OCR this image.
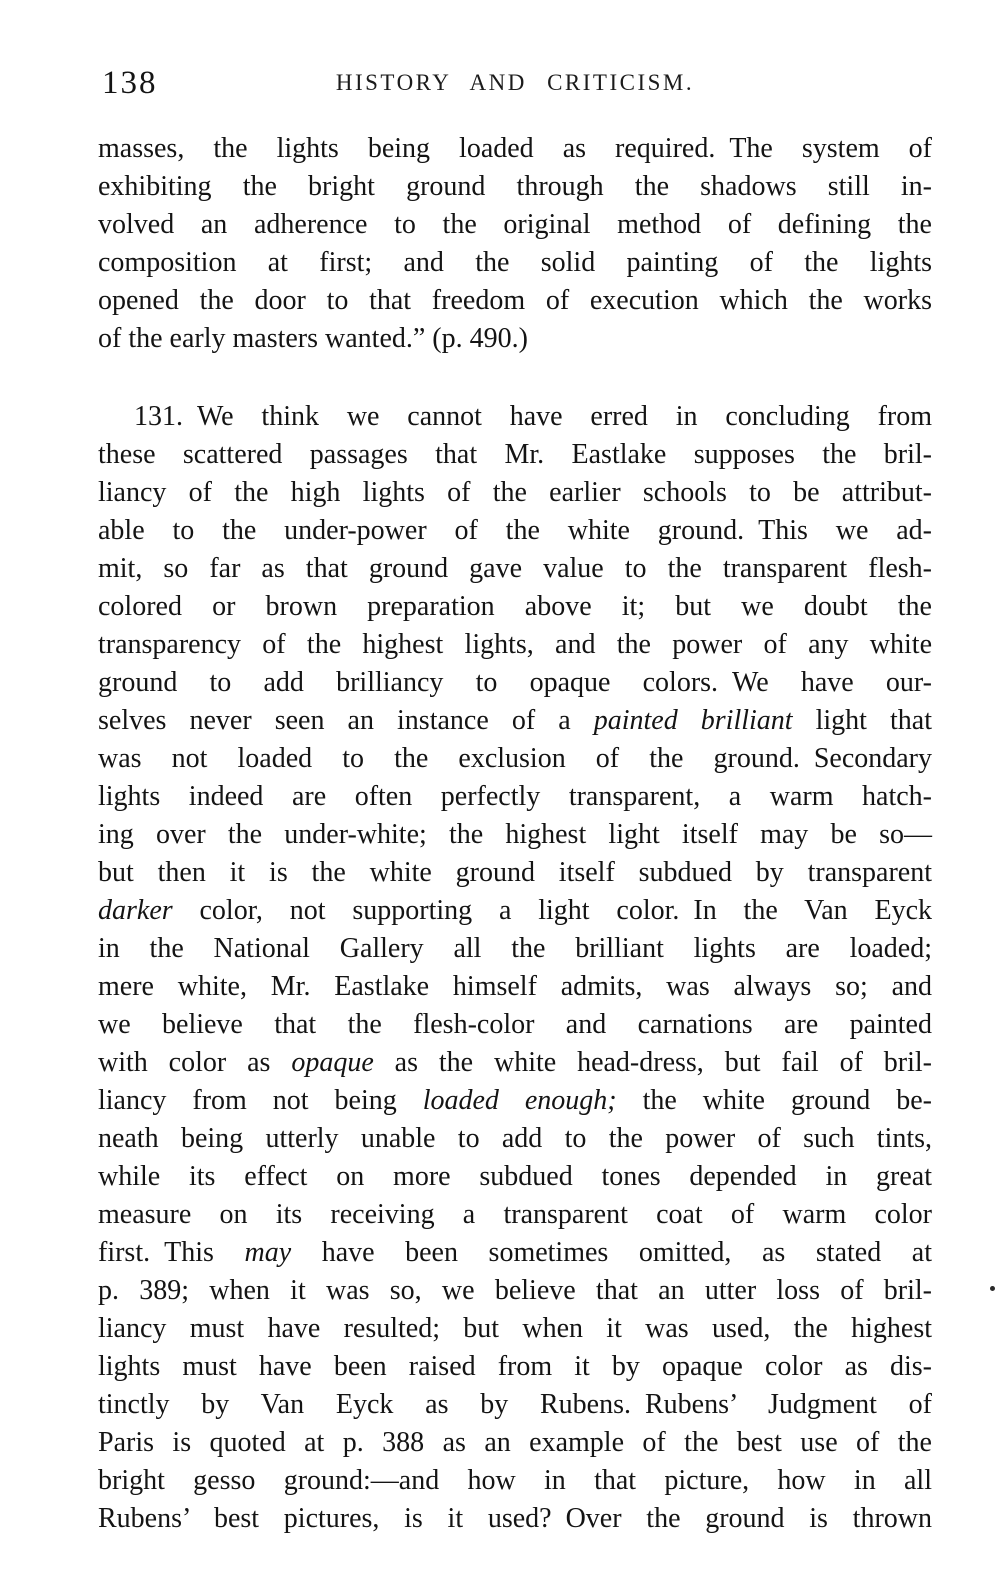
138	HISTORY AND CRITICISM.
masses, the lights being loaded as required. The system of
exhibiting the bright ground through the shadows still in-
volved an adherence to the original method of defining the
composition at first; and the solid painting of the lights
opened the door to that freedom of execution which the works
of the early masters wanted.” (p. 490.)
131. We think we cannot have erred in concluding from
these scattered passages that Mr. Eastlake supposes the bril-
liancy of the high lights of the earlier schools to be attribut-
able to the under-power of the white ground. This we ad-
mit, so far as that ground gave value to the transparent flesh-
colored or brown preparation above it; but we doubt the
transparency of the highest lights, and the power of any white
ground to add brilliancy to opaque colors. We have our-
selves never seen an instance of a painted brilliant light that
was not loaded to the exclusion of the ground. Secondary
lights indeed are often perfectly transparent, a warm hatch-
ing over the under-white; the highest light itself may be so—
but then it is the white ground itself subdued by transparent
darker color, not supporting a light color. In the Van Eyck
in the National Gallery all the brilliant lights are loaded;
mere white, Mr. Eastlake himself admits, was always so; and
we believe that the flesh-color and carnations are painted
with color as opaque as the white head-dress, but fail of bril-
liancy from not being loaded enough; the white ground be-
neath being utterly unable to add to the power of such tints,
while its effect on more subdued tones depended in great
measure on its receiving a transparent coat of warm color
first. This may have been sometimes omitted, as stated at
p. 389; when it was so, we believe that an utter loss of bril-
liancy must have resulted; but when it was used, the highest
lights must have been raised from it by opaque color as dis-
tinctly by Van Eyck as by Rubens. Rubens’ Judgment of
Paris is quoted at p. 388 as an example of the best use of the
bright gesso ground:—and how in that picture, how in all
Rubens’ best pictures, is it used? Over the ground is thrown
